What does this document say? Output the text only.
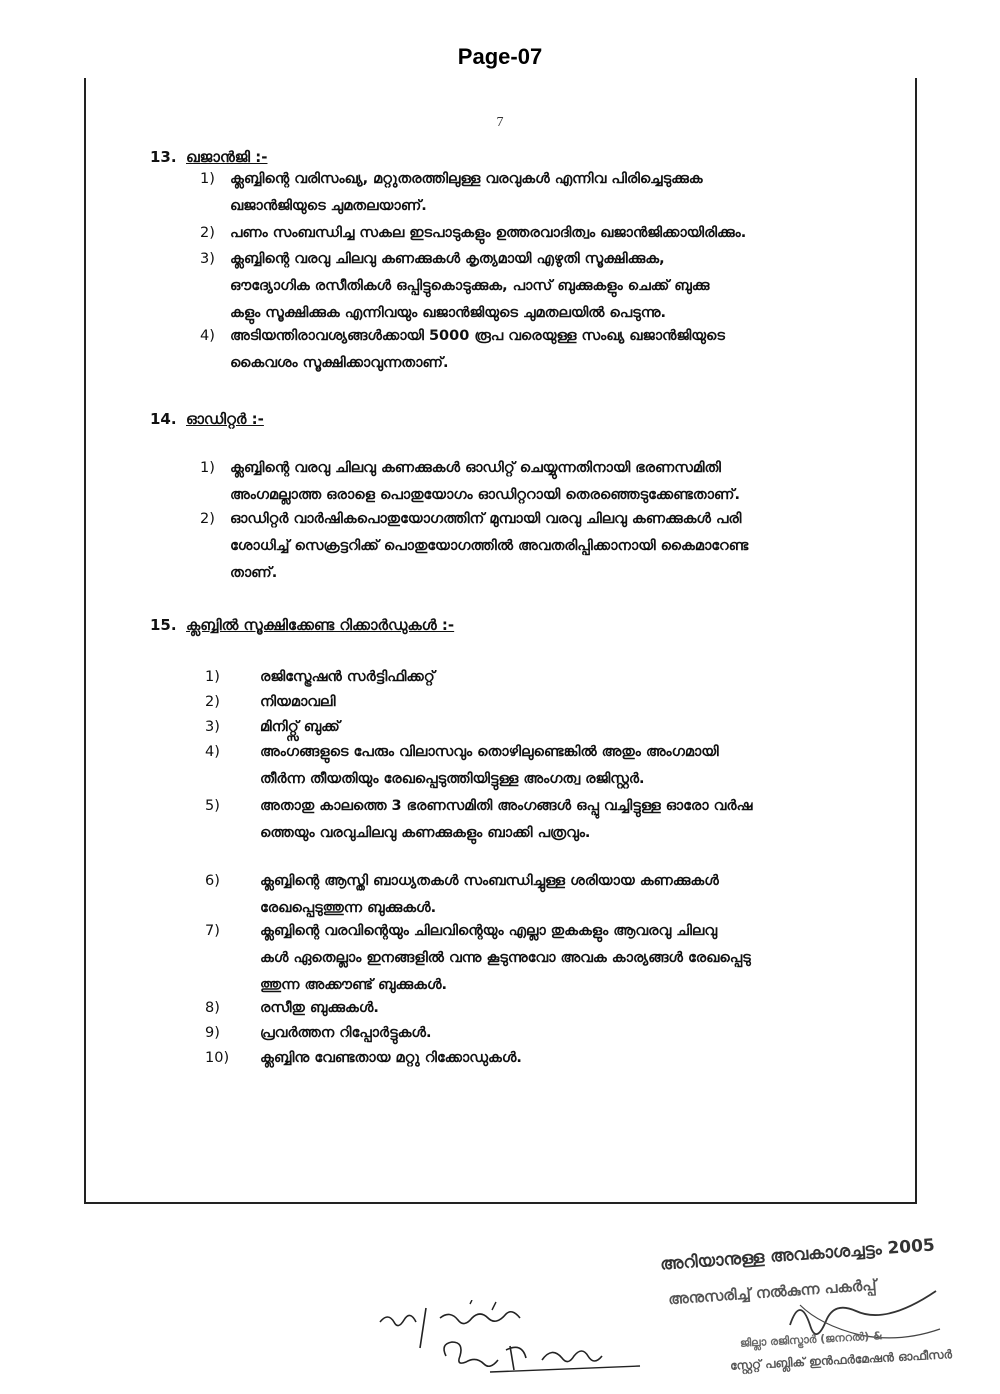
Page-07
7
13. ഖജാൻജി :-
1)	ക്ലബ്ബിന്റെ വരിസംഖ്യ, മറ്റുതരത്തിലുള്ള വരവുകൾ എന്നിവ പിരിച്ചെടുക്കുക
ഖജാൻജിയുടെ ചുമതലയാണ്.
2)	പണം സംബന്ധിച്ച സകല ഇടപാടുകളും ഉത്തരവാദിത്വം ഖജാൻജിക്കായിരിക്കും.
3)	ക്ലബ്ബിന്റെ വരവു ചിലവു കണക്കുകൾ കൃത്യമായി എഴുതി സൂക്ഷിക്കുക,
ഔദ്യോഗിക രസീതികൾ ഒപ്പിട്ടുകൊടുക്കുക, പാസ് ബുക്കുകളും ചെക്ക് ബുക്കു
കളും സൂക്ഷിക്കുക എന്നിവയും ഖജാൻജിയുടെ ചുമതലയിൽ പെടുന്നു.
4)	അടിയന്തിരാവശ്യങ്ങൾക്കായി 5000 രൂപ വരെയുള്ള സംഖ്യ ഖജാൻജിയുടെ
കൈവശം സൂക്ഷിക്കാവുന്നതാണ്.
14. ഓഡിറ്റർ :-
1)	ക്ലബ്ബിന്റെ വരവു ചിലവു കണക്കുകൾ ഓഡിറ്റ് ചെയ്യുന്നതിനായി ഭരണസമിതി
അംഗമല്ലാത്ത ഒരാളെ പൊതുയോഗം ഓഡിറ്ററായി തെരഞ്ഞെടുക്കേണ്ടതാണ്.
2)	ഓഡിറ്റർ വാർഷികപൊതുയോഗത്തിന് മുമ്പായി വരവു ചിലവു കണക്കുകൾ പരി
ശോധിച്ച് സെക്രട്ടറിക്ക് പൊതുയോഗത്തിൽ അവതരിപ്പിക്കാനായി കൈമാറേണ്ട
താണ്.
15. ക്ലബ്ബിൽ സൂക്ഷിക്കേണ്ട റിക്കാർഡുകൾ :-
1)	രജിസ്ട്രേഷൻ സർട്ടിഫിക്കറ്റ്
2)	നിയമാവലി
3)	മിനിറ്റ്സ് ബുക്ക്
4)	അംഗങ്ങളുടെ പേരും വിലാസവും തൊഴിലുണ്ടെങ്കിൽ അതും അംഗമായി
തീർന്ന തീയതിയും രേഖപ്പെടുത്തിയിട്ടുള്ള അംഗത്വ രജിസ്റ്റർ.
5)	അതാതു കാലത്തെ 3 ഭരണസമിതി അംഗങ്ങൾ ഒപ്പു വച്ചിട്ടുള്ള ഓരോ വർഷ
ത്തെയും വരവുചിലവു കണക്കുകളും ബാക്കി പത്രവും.
6)	ക്ലബ്ബിന്റെ ആസ്തി ബാധ്യതകൾ സംബന്ധിച്ചുള്ള ശരിയായ കണക്കുകൾ
രേഖപ്പെടുത്തുന്ന ബുക്കുകൾ.
7)	ക്ലബ്ബിന്റെ വരവിന്റെയും ചിലവിന്റെയും എല്ലാ തുകകളും ആവരവു ചിലവു
കൾ ഏതെല്ലാം ഇനങ്ങളിൽ വന്നു കൂടുന്നുവോ അവക കാര്യങ്ങൾ രേഖപ്പെടു
ത്തുന്ന അക്കൗണ്ട് ബുക്കുകൾ.
8)	രസീതു ബുക്കുകൾ.
9)	പ്രവർത്തന റിപ്പോർട്ടുകൾ.
10)	ക്ലബ്ബിനു വേണ്ടതായ മറ്റു റിക്കോഡുകൾ.
അറിയാനുള്ള അവകാശച്ചട്ടം 2005
അനുസരിച്ച് നൽകുന്ന പകർപ്പ്
ജില്ലാ രജിസ്ട്രാർ (ജനറൽ) &
സ്റ്റേറ്റ് പബ്ലിക് ഇൻഫർമേഷൻ ഓഫീസർ
